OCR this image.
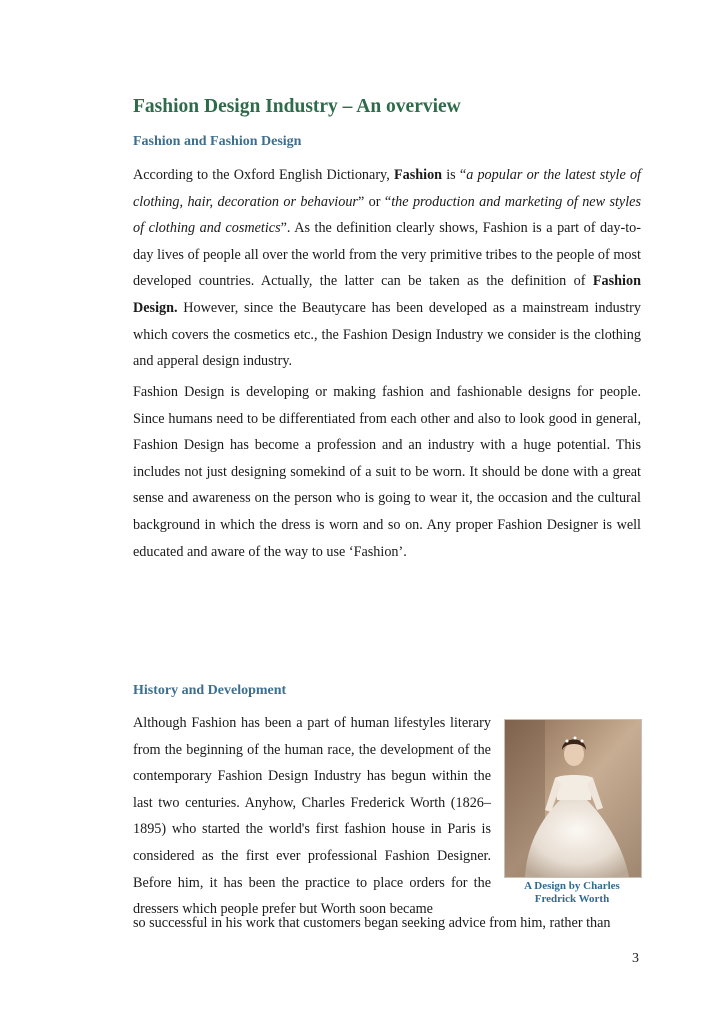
Fashion Design Industry – An overview
Fashion and Fashion Design

According to the Oxford English Dictionary, Fashion is “a popular or the latest style of clothing, hair, decoration or behaviour” or “the production and marketing of new styles of clothing and cosmetics”. As the definition clearly shows, Fashion is a part of day-to-day lives of people all over the world from the very primitive tribes to the people of most developed countries. Actually, the latter can be taken as the definition of Fashion Design. However, since the Beautycare has been developed as a mainstream industry which covers the cosmetics etc., the Fashion Design Industry we consider is the clothing and apperal design industry.

Fashion Design is developing or making fashion and fashionable designs for people. Since humans need to be differentiated from each other and also to look good in general, Fashion Design has become a profession and an industry with a huge potential. This includes not just designing somekind of a suit to be worn. It should be done with a great sense and awareness on the person who is going to wear it, the occasion and the cultural background in which the dress is worn and so on. Any proper Fashion Designer is well educated and aware of the way to use ‘Fashion’.

History and Development

Although Fashion has been a part of human lifestyles literary from the beginning of the human race, the development of the contemporary Fashion Design Industry has begun within the last two centuries. Anyhow, Charles Frederick Worth (1826–1895) who started the world's first fashion house in Paris is considered as the first ever professional Fashion Designer. Before him, it has been the practice to place orders for the dressers which people prefer but Worth soon became

so successful in his work that customers began seeking advice from him, rather than

A Design by Charles Fredrick Worth
3
